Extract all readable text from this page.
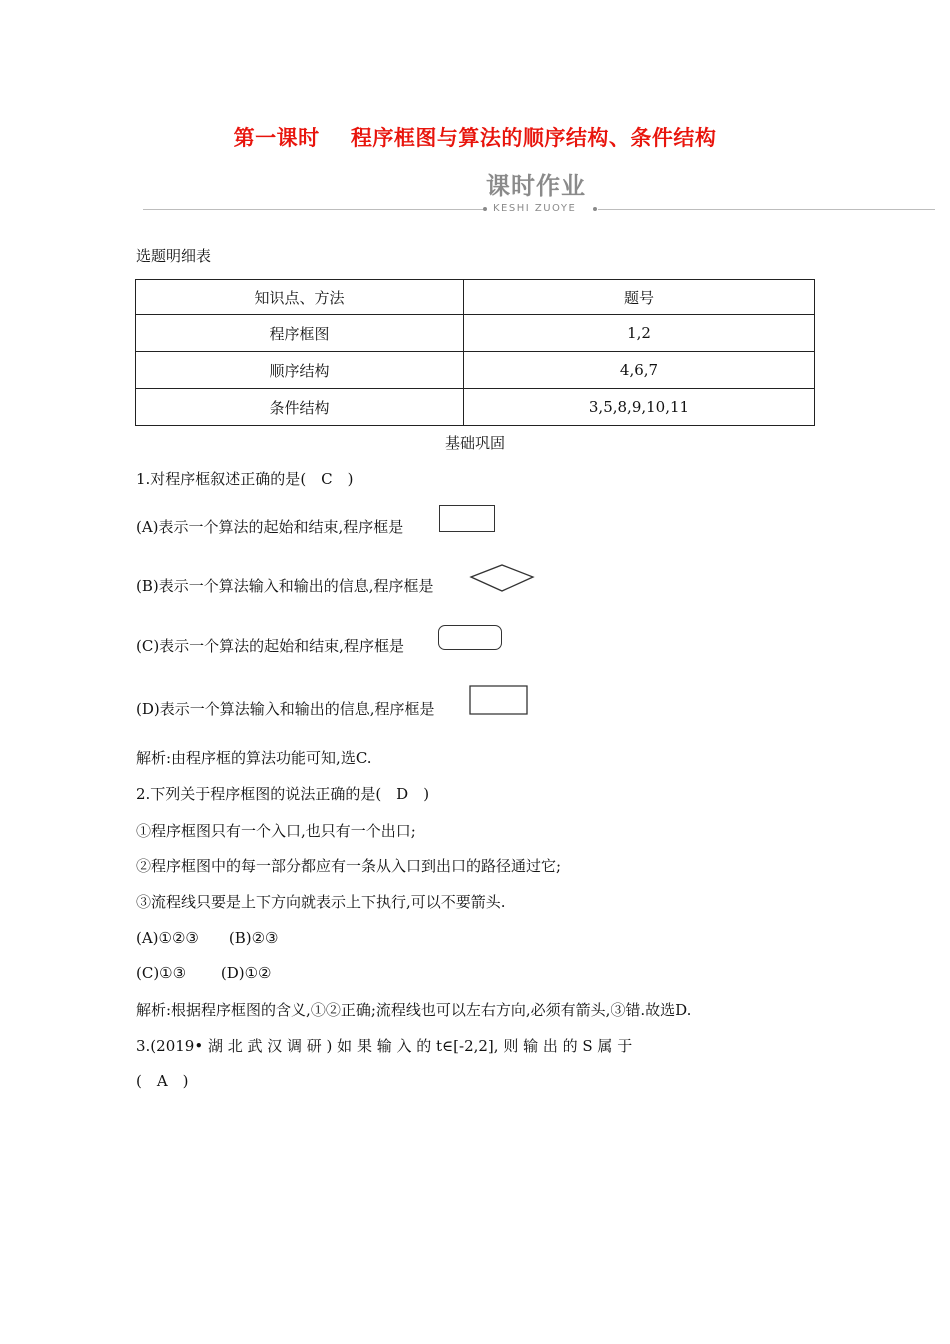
第一课时    程序框图与算法的顺序结构、条件结构
课时作业
KESHI ZUOYE
选题明细表
知识点、方法	题号
程序框图	1,2
顺序结构	4,6,7
条件结构	3,5,8,9,10,11
基础巩固
1.对程序框叙述正确的是(　C　)
(A)表示一个算法的起始和结束,程序框是
(B)表示一个算法输入和输出的信息,程序框是
(C)表示一个算法的起始和结束,程序框是
(D)表示一个算法输入和输出的信息,程序框是
解析:由程序框的算法功能可知,选C.
2.下列关于程序框图的说法正确的是(　D　)
①程序框图只有一个入口,也只有一个出口;
②程序框图中的每一部分都应有一条从入口到出口的路径通过它;
③流程线只要是上下方向就表示上下执行,可以不要箭头.
(A)①②③　　(B)②③
(C)①③　　 (D)①②
解析:根据程序框图的含义,①②正确;流程线也可以左右方向,必须有箭头,③错.故选D.
3.(2019• 湖 北 武 汉 调 研 ) 如 果 输 入 的 t∈[-2,2], 则 输 出 的 S 属 于
(　A　)
